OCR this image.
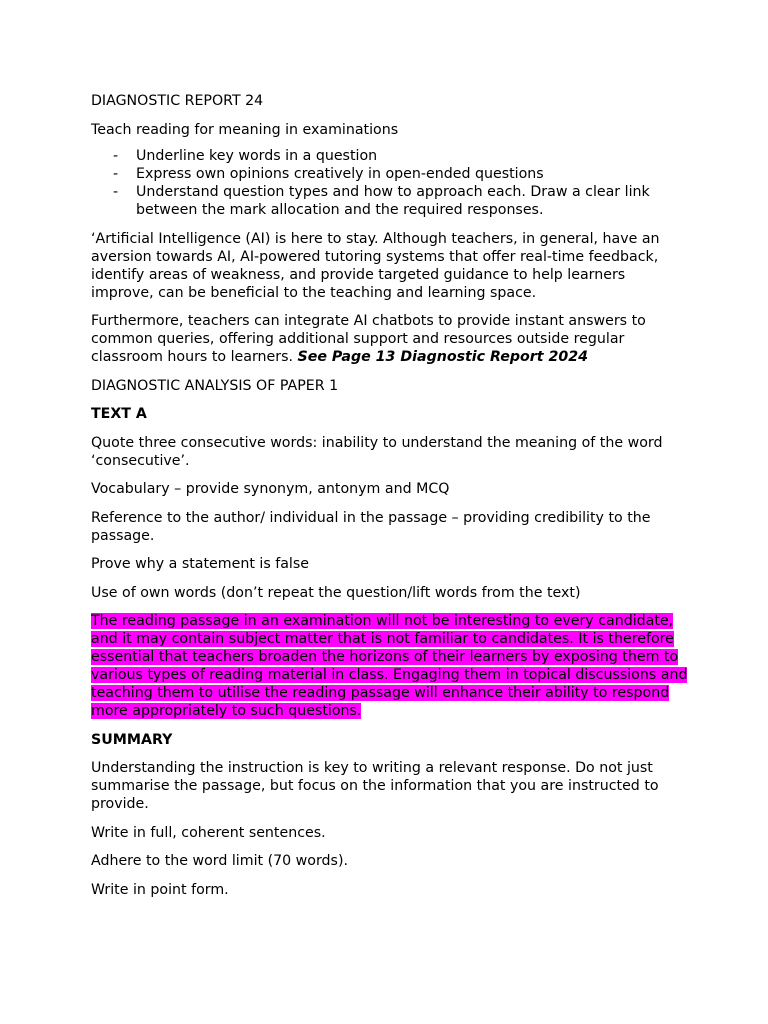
DIAGNOSTIC REPORT 24

Teach reading for meaning in examinations

- Underline key words in a question
- Express own opinions creatively in open-ended questions
- Understand question types and how to approach each. Draw a clear link between the mark allocation and the required responses.

‘Artificial Intelligence (AI) is here to stay. Although teachers, in general, have an aversion towards AI, AI-powered tutoring systems that offer real-time feedback, identify areas of weakness, and provide targeted guidance to help learners improve, can be beneficial to the teaching and learning space.

Furthermore, teachers can integrate AI chatbots to provide instant answers to common queries, offering additional support and resources outside regular classroom hours to learners. See Page 13 Diagnostic Report 2024

DIAGNOSTIC ANALYSIS OF PAPER 1

TEXT A

Quote three consecutive words: inability to understand the meaning of the word ‘consecutive’.

Vocabulary – provide synonym, antonym and MCQ

Reference to the author/ individual in the passage – providing credibility to the passage.

Prove why a statement is false

Use of own words (don’t repeat the question/lift words from the text)

The reading passage in an examination will not be interesting to every candidate, and it may contain subject matter that is not familiar to candidates. It is therefore essential that teachers broaden the horizons of their learners by exposing them to various types of reading material in class. Engaging them in topical discussions and teaching them to utilise the reading passage will enhance their ability to respond more appropriately to such questions.

SUMMARY

Understanding the instruction is key to writing a relevant response. Do not just summarise the passage, but focus on the information that you are instructed to provide.

Write in full, coherent sentences.

Adhere to the word limit (70 words).

Write in point form.
